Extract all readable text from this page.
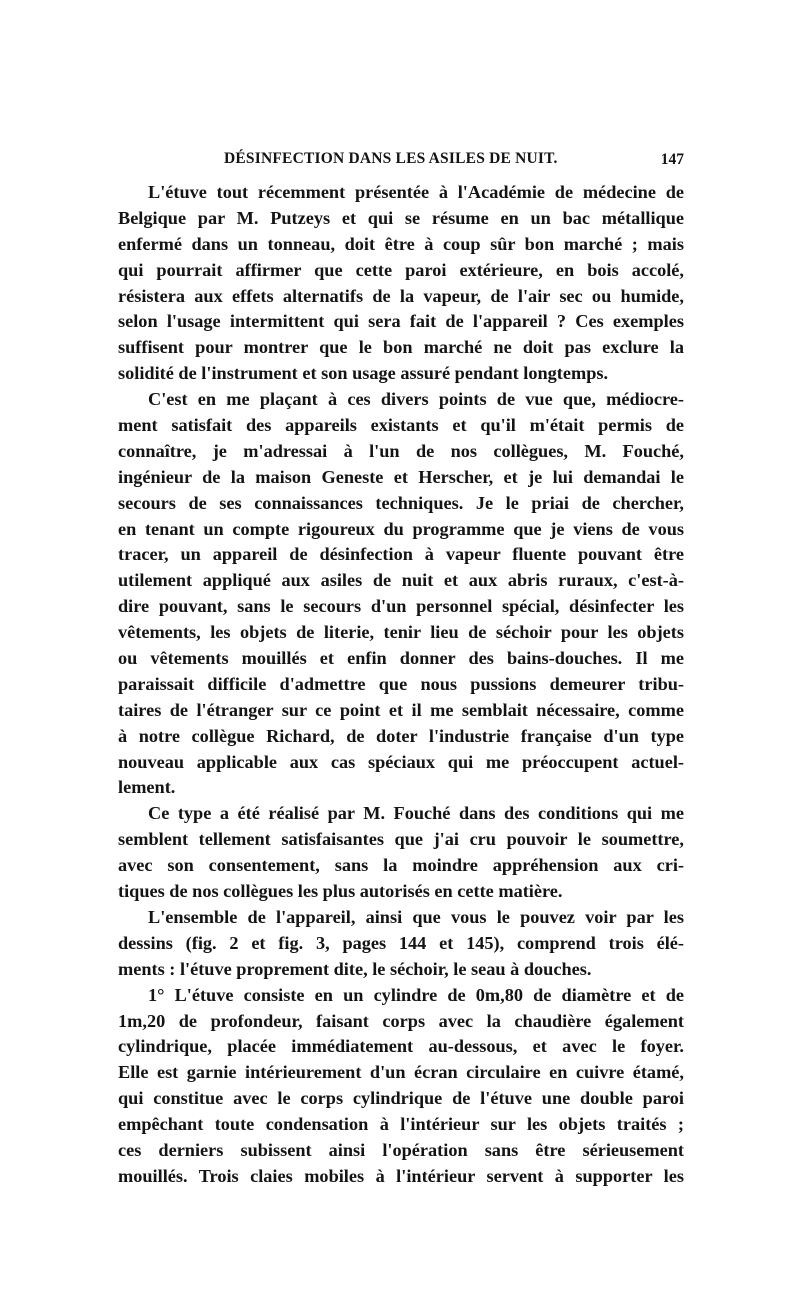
DÉSINFECTION DANS LES ASILES DE NUIT.	147
L'étuve tout récemment présentée à l'Académie de médecine de
Belgique par M. Putzeys et qui se résume en un bac métallique
enfermé dans un tonneau, doit être à coup sûr bon marché ; mais
qui pourrait affirmer que cette paroi extérieure, en bois accolé,
résistera aux effets alternatifs de la vapeur, de l'air sec ou humide,
selon l'usage intermittent qui sera fait de l'appareil ? Ces exemples
suffisent pour montrer que le bon marché ne doit pas exclure la
solidité de l'instrument et son usage assuré pendant longtemps.
C'est en me plaçant à ces divers points de vue que, médiocre-
ment satisfait des appareils existants et qu'il m'était permis de
connaître, je m'adressai à l'un de nos collègues, M. Fouché,
ingénieur de la maison Geneste et Herscher, et je lui demandai le
secours de ses connaissances techniques. Je le priai de chercher,
en tenant un compte rigoureux du programme que je viens de vous
tracer, un appareil de désinfection à vapeur fluente pouvant être
utilement appliqué aux asiles de nuit et aux abris ruraux, c'est-à-
dire pouvant, sans le secours d'un personnel spécial, désinfecter les
vêtements, les objets de literie, tenir lieu de séchoir pour les objets
ou vêtements mouillés et enfin donner des bains-douches. Il me
paraissait difficile d'admettre que nous pussions demeurer tribu-
taires de l'étranger sur ce point et il me semblait nécessaire, comme
à notre collègue Richard, de doter l'industrie française d'un type
nouveau applicable aux cas spéciaux qui me préoccupent actuel-
lement.
Ce type a été réalisé par M. Fouché dans des conditions qui me
semblent tellement satisfaisantes que j'ai cru pouvoir le soumettre,
avec son consentement, sans la moindre appréhension aux cri-
tiques de nos collègues les plus autorisés en cette matière.
L'ensemble de l'appareil, ainsi que vous le pouvez voir par les
dessins (fig. 2 et fig. 3, pages 144 et 145), comprend trois élé-
ments : l'étuve proprement dite, le séchoir, le seau à douches.
1° L'étuve consiste en un cylindre de 0m,80 de diamètre et de
1m,20 de profondeur, faisant corps avec la chaudière également
cylindrique, placée immédiatement au-dessous, et avec le foyer.
Elle est garnie intérieurement d'un écran circulaire en cuivre étamé,
qui constitue avec le corps cylindrique de l'étuve une double paroi
empêchant toute condensation à l'intérieur sur les objets traités ;
ces derniers subissent ainsi l'opération sans être sérieusement
mouillés. Trois claies mobiles à l'intérieur servent à supporter les
